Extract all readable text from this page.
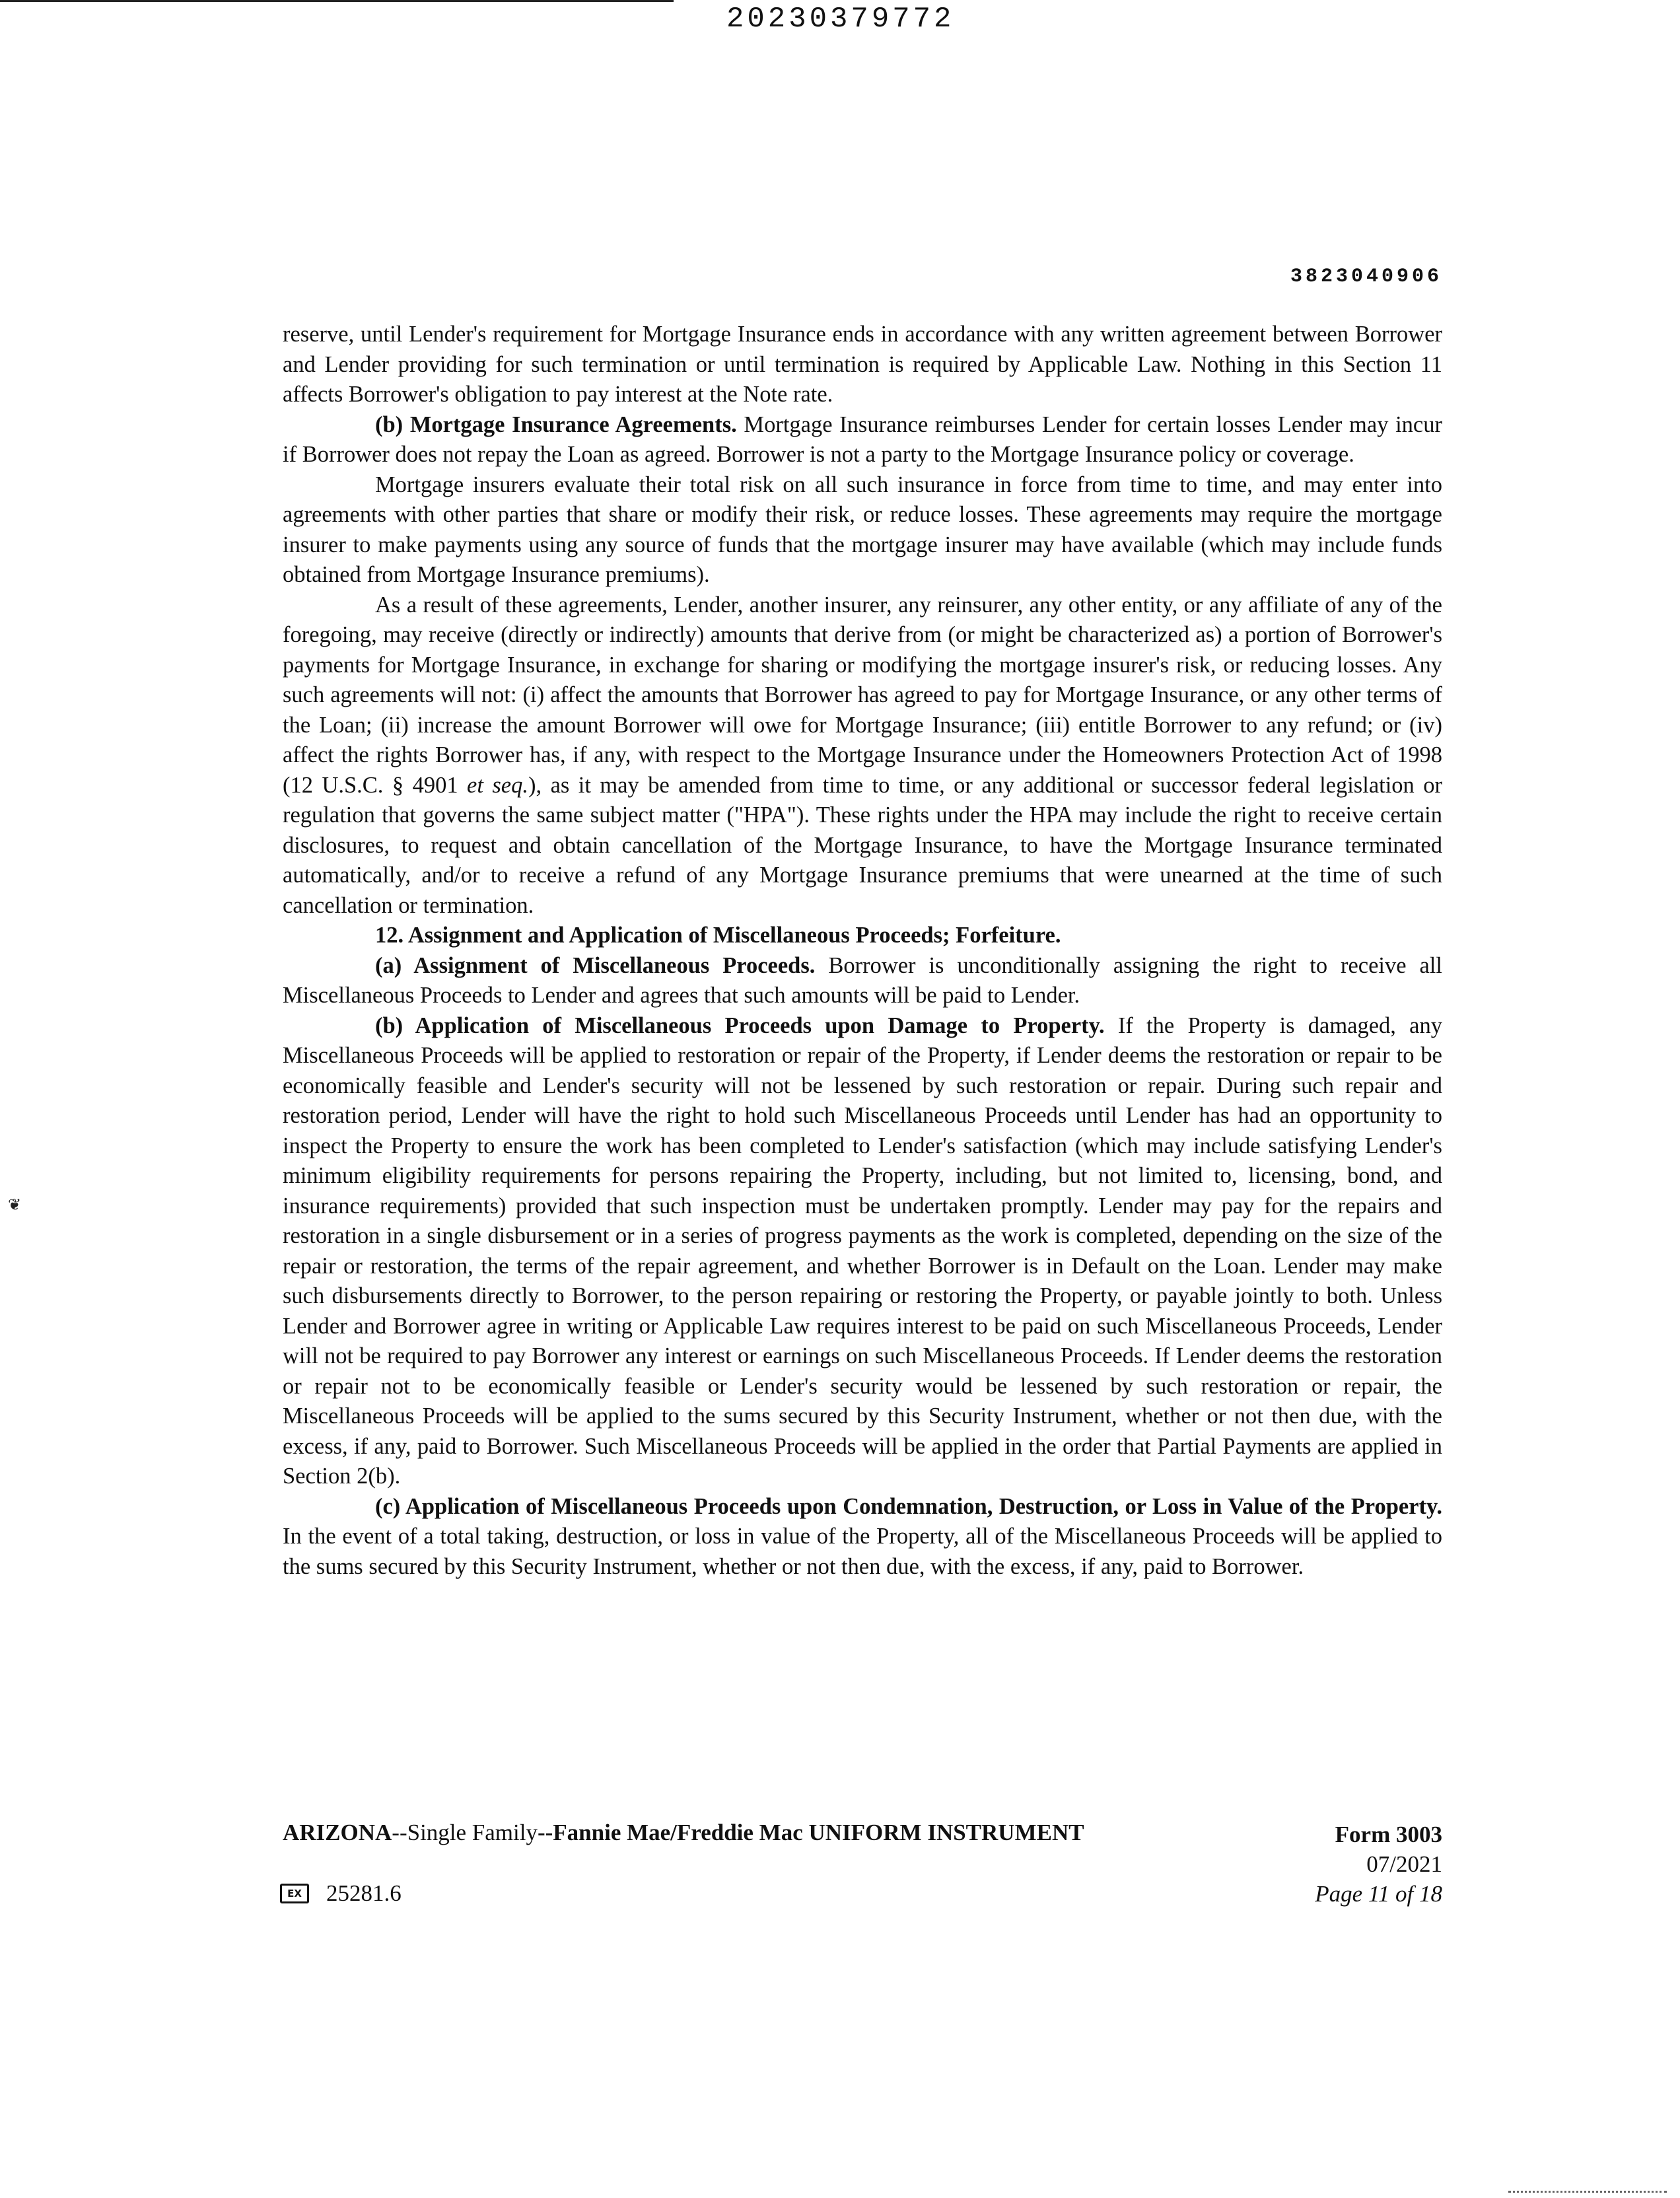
20230379772
3823040906
❦

reserve, until Lender's requirement for Mortgage Insurance ends in accordance with any written agreement between Borrower and Lender providing for such termination or until termination is required by Applicable Law. Nothing in this Section 11 affects Borrower's obligation to pay interest at the Note rate.

(b) Mortgage Insurance Agreements. Mortgage Insurance reimburses Lender for certain losses Lender may incur if Borrower does not repay the Loan as agreed. Borrower is not a party to the Mortgage Insurance policy or coverage.

Mortgage insurers evaluate their total risk on all such insurance in force from time to time, and may enter into agreements with other parties that share or modify their risk, or reduce losses. These agreements may require the mortgage insurer to make payments using any source of funds that the mortgage insurer may have available (which may include funds obtained from Mortgage Insurance premiums).

As a result of these agreements, Lender, another insurer, any reinsurer, any other entity, or any affiliate of any of the foregoing, may receive (directly or indirectly) amounts that derive from (or might be characterized as) a portion of Borrower's payments for Mortgage Insurance, in exchange for sharing or modifying the mortgage insurer's risk, or reducing losses. Any such agreements will not: (i) affect the amounts that Borrower has agreed to pay for Mortgage Insurance, or any other terms of the Loan; (ii) increase the amount Borrower will owe for Mortgage Insurance; (iii) entitle Borrower to any refund; or (iv) affect the rights Borrower has, if any, with respect to the Mortgage Insurance under the Homeowners Protection Act of 1998 (12 U.S.C. § 4901 et seq.), as it may be amended from time to time, or any additional or successor federal legislation or regulation that governs the same subject matter ("HPA"). These rights under the HPA may include the right to receive certain disclosures, to request and obtain cancellation of the Mortgage Insurance, to have the Mortgage Insurance terminated automatically, and/or to receive a refund of any Mortgage Insurance premiums that were unearned at the time of such cancellation or termination.

12. Assignment and Application of Miscellaneous Proceeds; Forfeiture.

(a) Assignment of Miscellaneous Proceeds. Borrower is unconditionally assigning the right to receive all Miscellaneous Proceeds to Lender and agrees that such amounts will be paid to Lender.

(b) Application of Miscellaneous Proceeds upon Damage to Property. If the Property is damaged, any Miscellaneous Proceeds will be applied to restoration or repair of the Property, if Lender deems the restoration or repair to be economically feasible and Lender's security will not be lessened by such restoration or repair. During such repair and restoration period, Lender will have the right to hold such Miscellaneous Proceeds until Lender has had an opportunity to inspect the Property to ensure the work has been completed to Lender's satisfaction (which may include satisfying Lender's minimum eligibility requirements for persons repairing the Property, including, but not limited to, licensing, bond, and insurance requirements) provided that such inspection must be undertaken promptly. Lender may pay for the repairs and restoration in a single disbursement or in a series of progress payments as the work is completed, depending on the size of the repair or restoration, the terms of the repair agreement, and whether Borrower is in Default on the Loan. Lender may make such disbursements directly to Borrower, to the person repairing or restoring the Property, or payable jointly to both. Unless Lender and Borrower agree in writing or Applicable Law requires interest to be paid on such Miscellaneous Proceeds, Lender will not be required to pay Borrower any interest or earnings on such Miscellaneous Proceeds. If Lender deems the restoration or repair not to be economically feasible or Lender's security would be lessened by such restoration or repair, the Miscellaneous Proceeds will be applied to the sums secured by this Security Instrument, whether or not then due, with the excess, if any, paid to Borrower. Such Miscellaneous Proceeds will be applied in the order that Partial Payments are applied in Section 2(b).

(c) Application of Miscellaneous Proceeds upon Condemnation, Destruction, or Loss in Value of the Property. In the event of a total taking, destruction, or loss in value of the Property, all of the Miscellaneous Proceeds will be applied to the sums secured by this Security Instrument, whether or not then due, with the excess, if any, paid to Borrower.

ARIZONA--Single Family--Fannie Mae/Freddie Mac UNIFORM INSTRUMENT	Form 3003
07/2021
Page 11 of 18
EX	25281.6
